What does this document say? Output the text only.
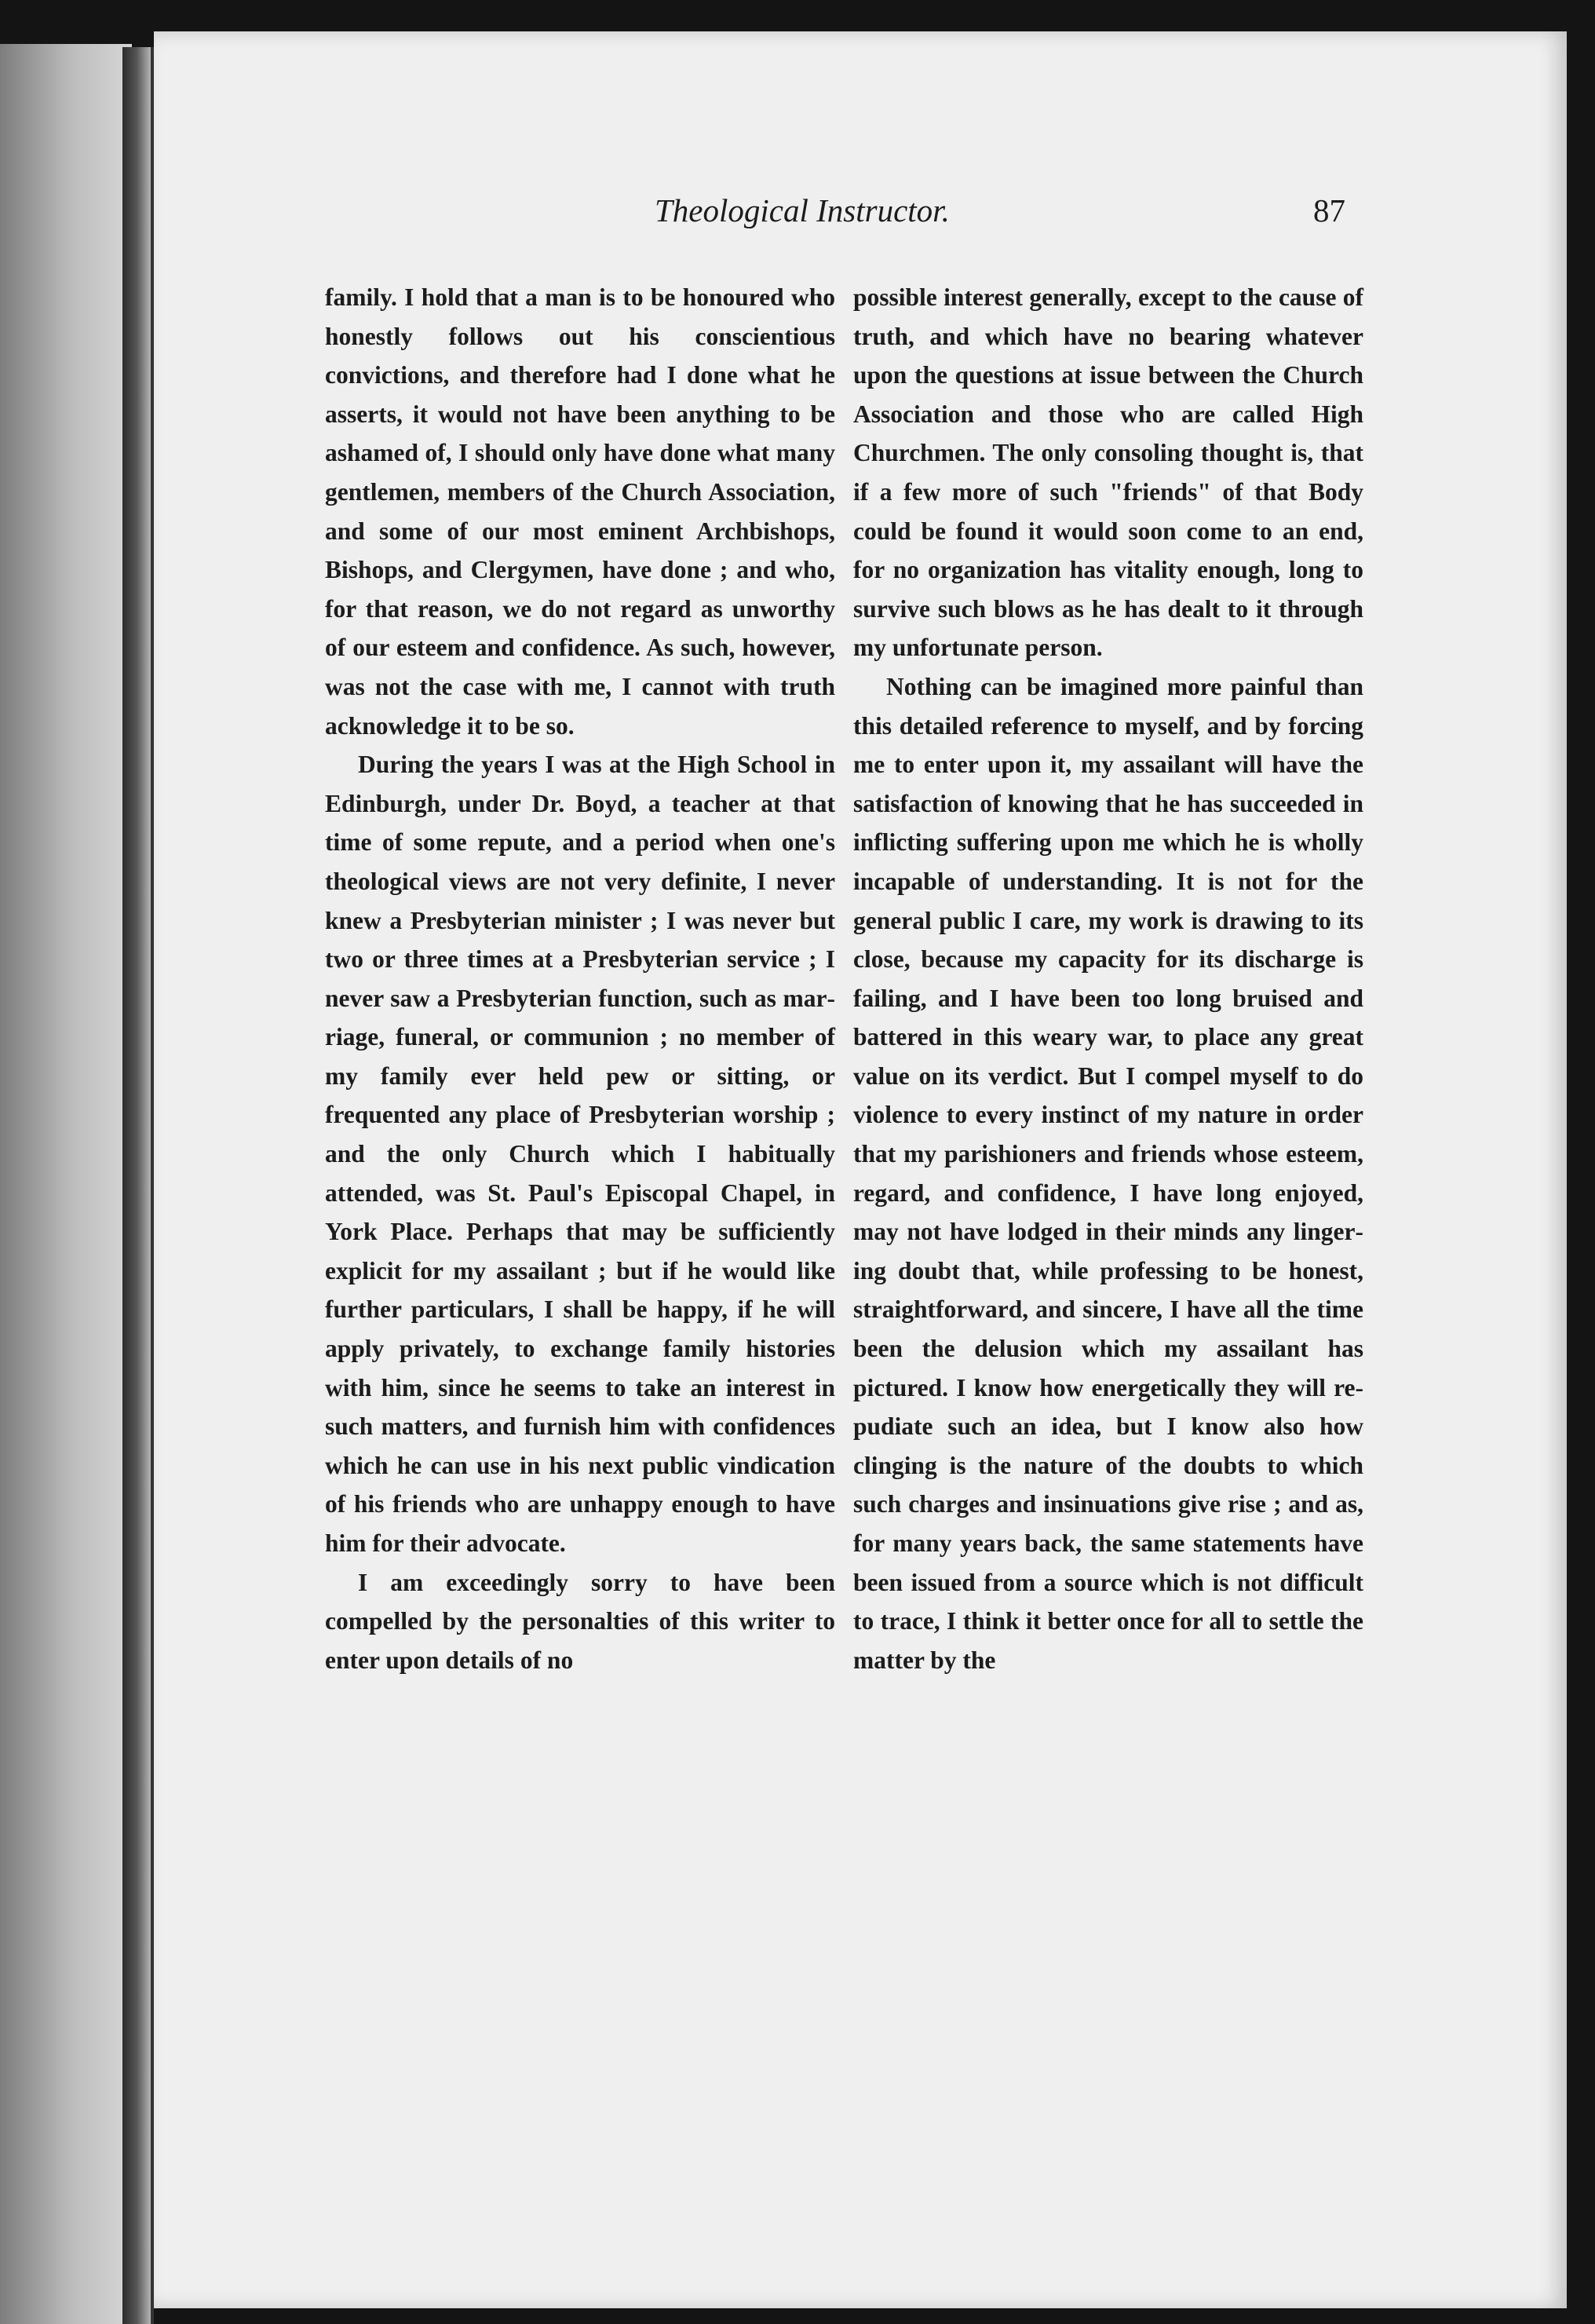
Theological Instructor.	87

family. I hold that a man is to be honoured who honestly follows out his conscientious convictions, and therefore had I done what he asserts, it would not have been anything to be ashamed of, I should only have done what many gentlemen, members of the Church Association, and some of our most eminent Archbishops, Bishops, and Clergymen, have done ; and who, for that reason, we do not regard as unworthy of our esteem and confidence. As such, however, was not the case with me, I cannot with truth acknowledge it to be so.

During the years I was at the High School in Edinburgh, under Dr. Boyd, a teacher at that time of some repute, and a period when one's theological views are not very definite, I never knew a Presbyterian minister ; I was never but two or three times at a Presbyterian service ; I never saw a Presbyterian function, such as marriage, funeral, or communion ; no member of my family ever held pew or sitting, or frequented any place of Presbyterian worship ; and the only Church which I habitually attended, was St. Paul's Episcopal Chapel, in York Place. Perhaps that may be sufficiently explicit for my assailant ; but if he would like further particulars, I shall be happy, if he will apply privately, to exchange family histories with him, since he seems to take an interest in such matters, and furnish him with confidences which he can use in his next public vindication of his friends who are unhappy enough to have him for their advocate.

I am exceedingly sorry to have been compelled by the personalties of this writer to enter upon details of no

possible interest generally, except to the cause of truth, and which have no bearing whatever upon the questions at issue between the Church Association and those who are called High Churchmen. The only consoling thought is, that if a few more of such "friends" of that Body could be found it would soon come to an end, for no organization has vitality enough, long to survive such blows as he has dealt to it through my unfortunate person.

Nothing can be imagined more painful than this detailed reference to myself, and by forcing me to enter upon it, my assailant will have the satisfaction of knowing that he has succeeded in inflicting suffering upon me which he is wholly incapable of understanding. It is not for the general public I care, my work is drawing to its close, because my capacity for its discharge is failing, and I have been too long bruised and battered in this weary war, to place any great value on its verdict. But I compel myself to do violence to every instinct of my nature in order that my parishioners and friends whose esteem, regard, and confidence, I have long enjoyed, may not have lodged in their minds any lingering doubt that, while professing to be honest, straightforward, and sincere, I have all the time been the delusion which my assailant has pictured. I know how energetically they will repudiate such an idea, but I know also how clinging is the nature of the doubts to which such charges and insinuations give rise ; and as, for many years back, the same statements have been issued from a source which is not difficult to trace, I think it better once for all to settle the matter by the
